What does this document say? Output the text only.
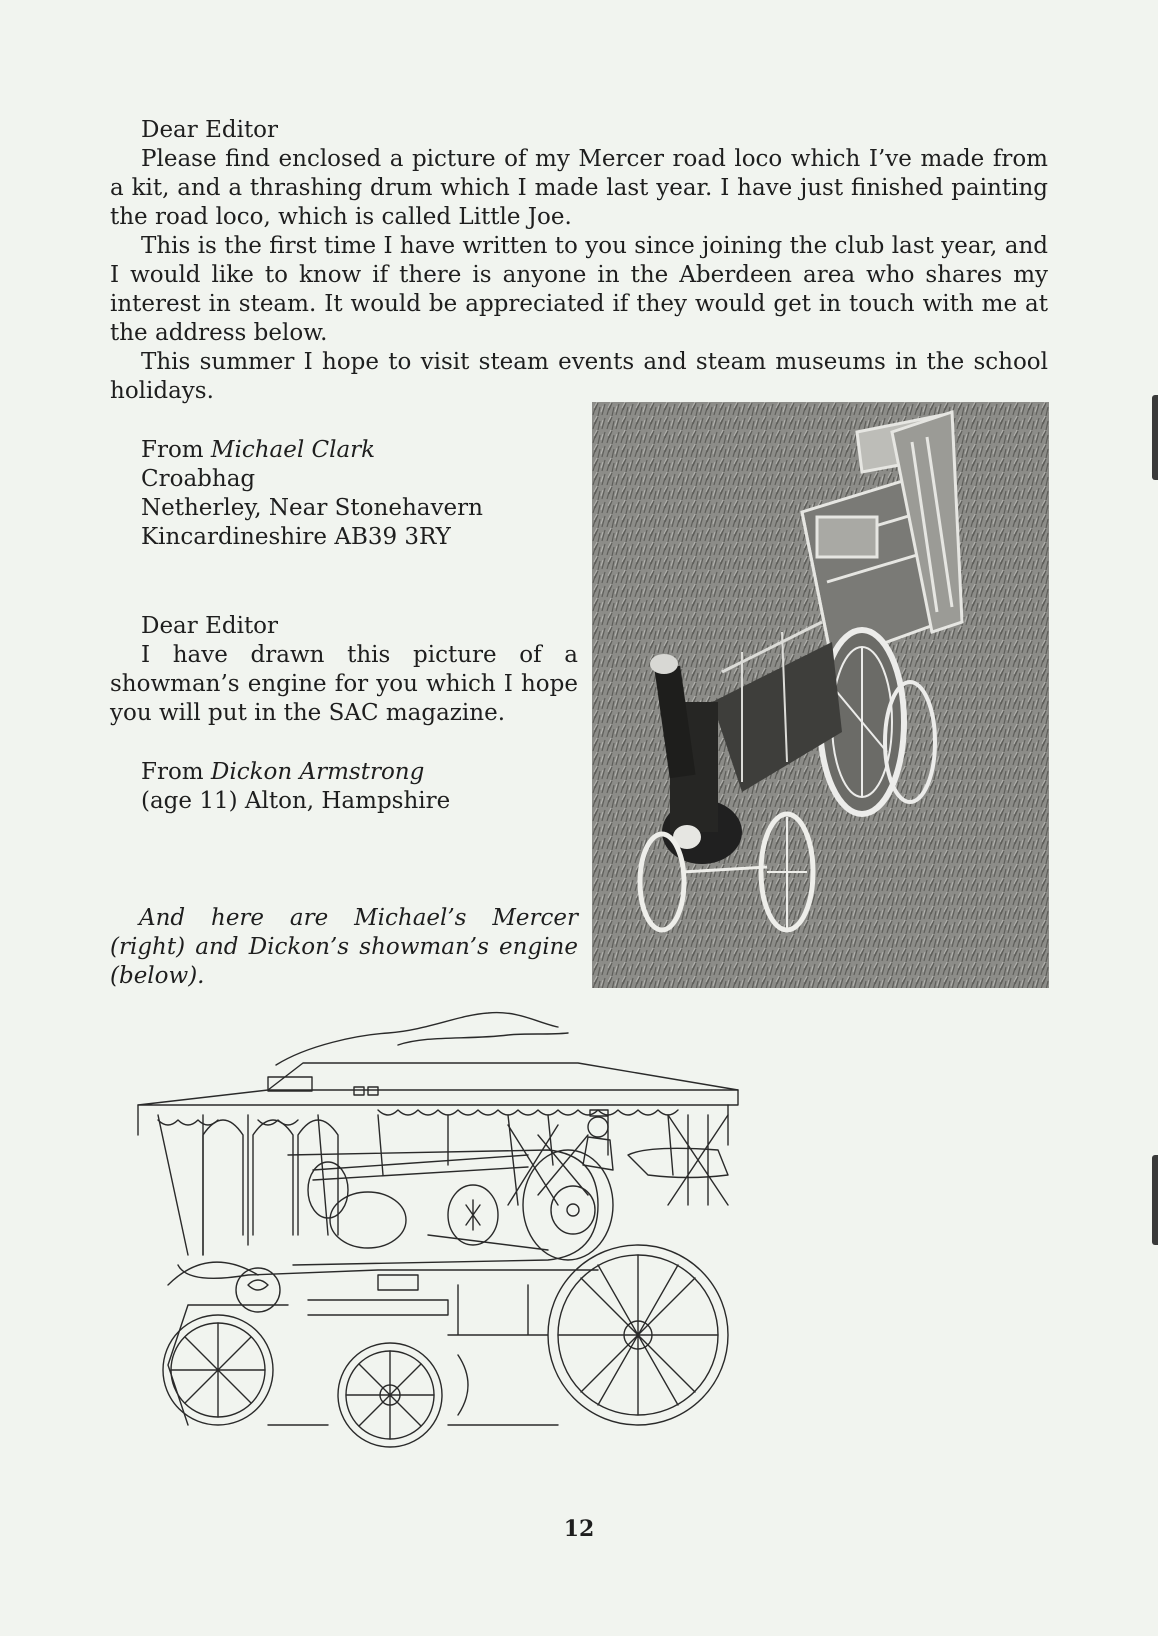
Dear Editor

Please find enclosed a picture of my Mercer road loco which I’ve made from a kit, and a thrashing drum which I made last year. I have just finished painting the road loco, which is called Little Joe.

This is the first time I have written to you since joining the club last year, and I would like to know if there is anyone in the Aberdeen area who shares my interest in steam. It would be appreciated if they would get in touch with me at the address below.

This summer I hope to visit steam events and steam museums in the school holidays.

From Michael Clark
Croabhag
Netherley, Near Stonehavern
Kincardineshire AB39 3RY

Dear Editor

I have drawn this picture of a showman’s engine for you which I hope you will put in the SAC magazine.

From Dickon Armstrong
(age 11) Alton, Hampshire
And here are Michael’s Mercer (right) and Dickon’s showman’s engine (below).
12
